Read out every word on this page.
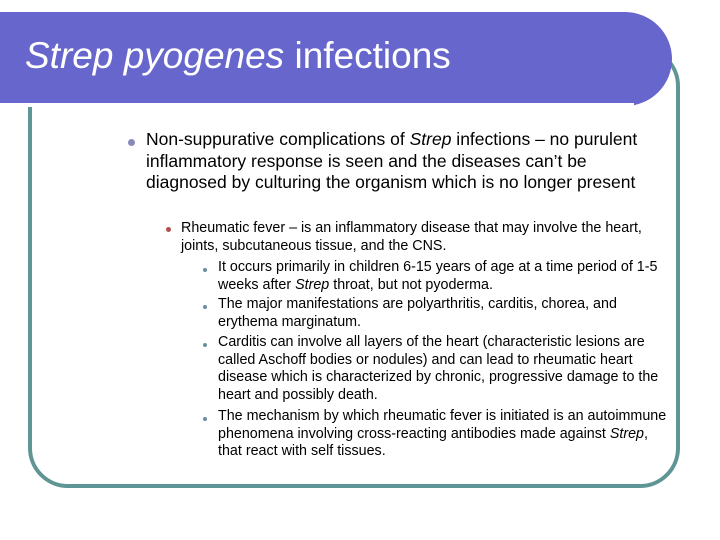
Strep pyogenes infections

Non-suppurative complications of Strep infections – no purulent inflammatory response is seen and the diseases can’t be diagnosed by culturing the organism which is no longer present

Rheumatic fever – is an inflammatory disease that may involve the heart, joints, subcutaneous tissue, and the CNS.

It occurs primarily in children 6-15 years of age at a time period of 1-5 weeks after Strep throat, but not pyoderma.

The major manifestations are polyarthritis, carditis, chorea, and erythema marginatum.

Carditis can involve all layers of the heart (characteristic lesions are called Aschoff bodies or nodules) and can lead to rheumatic heart disease which is characterized by chronic, progressive damage to the heart and possibly death.

The mechanism by which rheumatic fever is initiated is an autoimmune phenomena involving cross-reacting antibodies made against Strep, that react with self tissues.
